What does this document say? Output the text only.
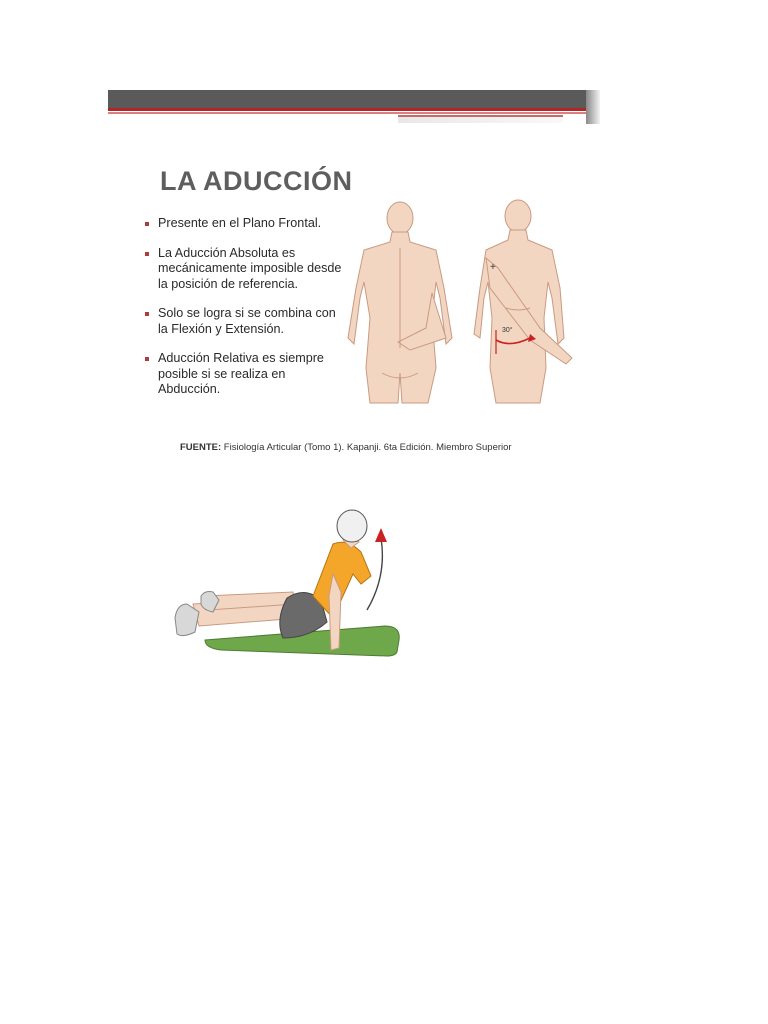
LA ADUCCIÓN
Presente en el Plano Frontal.
La Aducción Absoluta es mecánicamente imposible desde la posición de referencia.
Solo se logra si se combina con la Flexión y Extensión.
Aducción Relativa es siempre posible si se realiza en Abducción.
+
30°
FUENTE: Fisiología Articular (Tomo 1). Kapanji. 6ta Edición. Miembro Superior
